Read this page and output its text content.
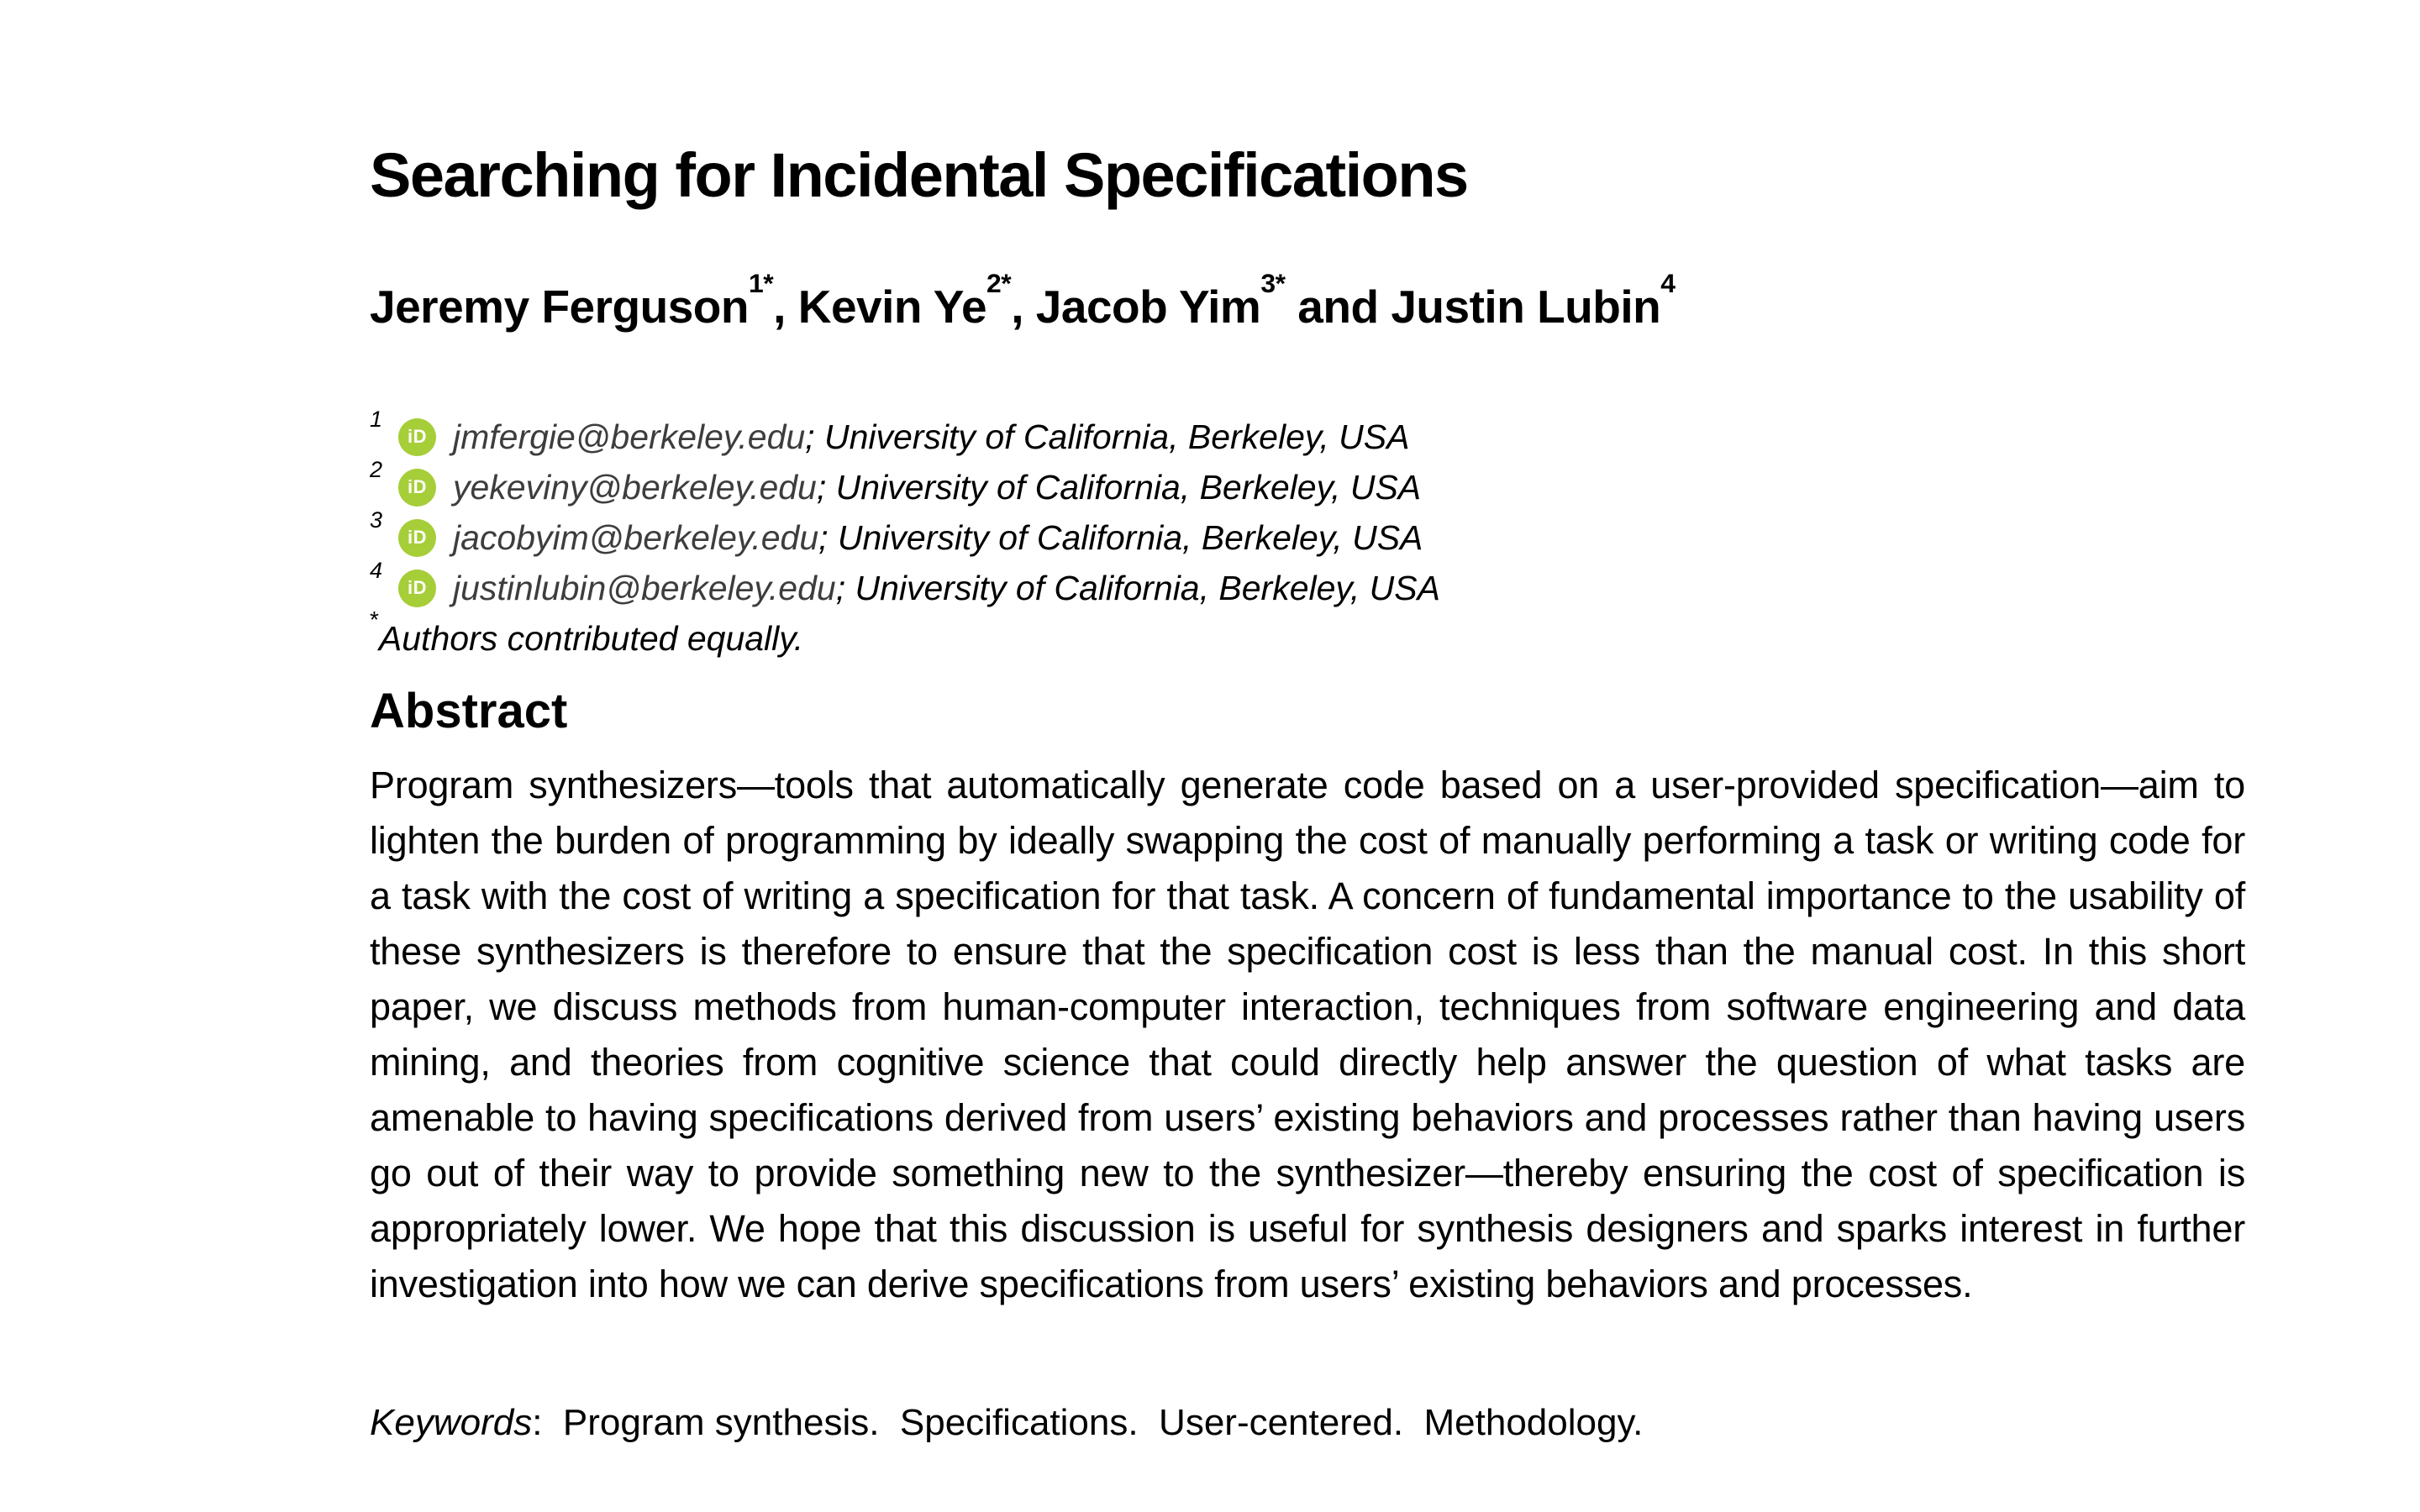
Searching for Incidental Specifications
Jeremy Ferguson$^{1*}$, Kevin $Ye^{2*}$, Jacob Yim$^{3*}$ and Justin Lubin$^4$
1
iD jmfergie@berkeley.edu; University of California, Berkeley, USA
2
iD yekeviny@berkeley.edu; University of California, Berkeley, USA
3
iD jacobyim@berkeley.edu; University of California, Berkeley, USA
4
iD justinlubin@berkeley.edu; University of California, Berkeley, USA
* Authors contributed equally.
Abstract

Program synthesizers—tools that automatically generate code based on a user-provided specification—aim to lighten the burden of programming by ideally swapping the cost of manually performing a task or writing code for a task with the cost of writing a specification for that task. A concern of fundamental importance to the usability of these synthesizers is therefore to ensure that the specification cost is less than the manual cost. In this short paper, we discuss methods from human-computer interaction, techniques from software engineering and data mining, and theories from cognitive science that could directly help answer the question of what tasks are amenable to having specifications derived from users’ existing behaviors and processes rather than having users go out of their way to provide something new to the synthesizer—thereby ensuring the cost of specification is appropriately lower. We hope that this discussion is useful for synthesis designers and sparks interest in further investigation into how we can derive specifications from users’ existing behaviors and processes.

Keywords:  Program synthesis.  Specifications.  User-centered.  Methodology.
